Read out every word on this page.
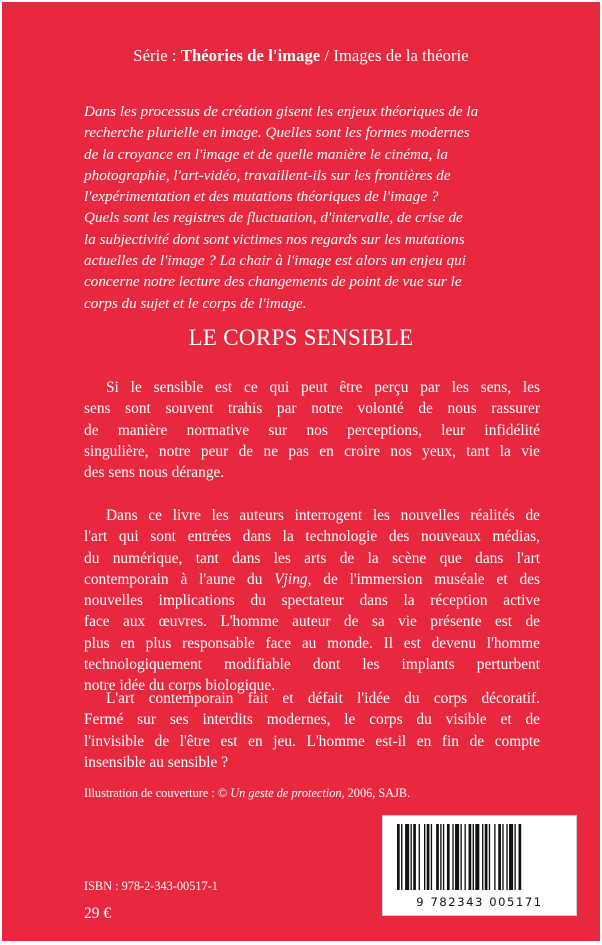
Série : Théories de l'image / Images de la théorie

Dans les processus de création gisent les enjeux théoriques de la
recherche plurielle en image. Quelles sont les formes modernes
de la croyance en l'image et de quelle manière le cinéma, la
photographie, l'art-vidéo, travaillent-ils sur les frontières de
l'expérimentation et des mutations théoriques de l'image ?
Quels sont les registres de fluctuation, d'intervalle, de crise de
la subjectivité dont sont victimes nos regards sur les mutations
actuelles de l'image ? La chair à l'image est alors un enjeu qui
concerne notre lecture des changements de point de vue sur le
corps du sujet et le corps de l'image.

LE CORPS SENSIBLE

Si le sensible est ce qui peut être perçu par les sens, les
sens sont souvent trahis par notre volonté de nous rassurer
de manière normative sur nos perceptions, leur infidélité
singulière, notre peur de ne pas en croire nos yeux, tant la vie
des sens nous dérange.

Dans ce livre les auteurs interrogent les nouvelles réalités de
l'art qui sont entrées dans la technologie des nouveaux médias,
du numérique, tant dans les arts de la scène que dans l'art
contemporain à l'aune du Vjing, de l'immersion muséale et des
nouvelles implications du spectateur dans la réception active
face aux œuvres. L'homme auteur de sa vie présente est de
plus en plus responsable face au monde. Il est devenu l'homme
technologiquement modifiable dont les implants perturbent
notre idée du corps biologique.

L'art contemporain fait et défait l'idée du corps décoratif.
Fermé sur ses interdits modernes, le corps du visible et de
l'invisible de l'être est en jeu. L'homme est-il en fin de compte
insensible au sensible ?

Illustration de couverture : © Un geste de protection, 2006, SAJB.

9 782343 005171

ISBN : 978-2-343-00517-1

29 €
